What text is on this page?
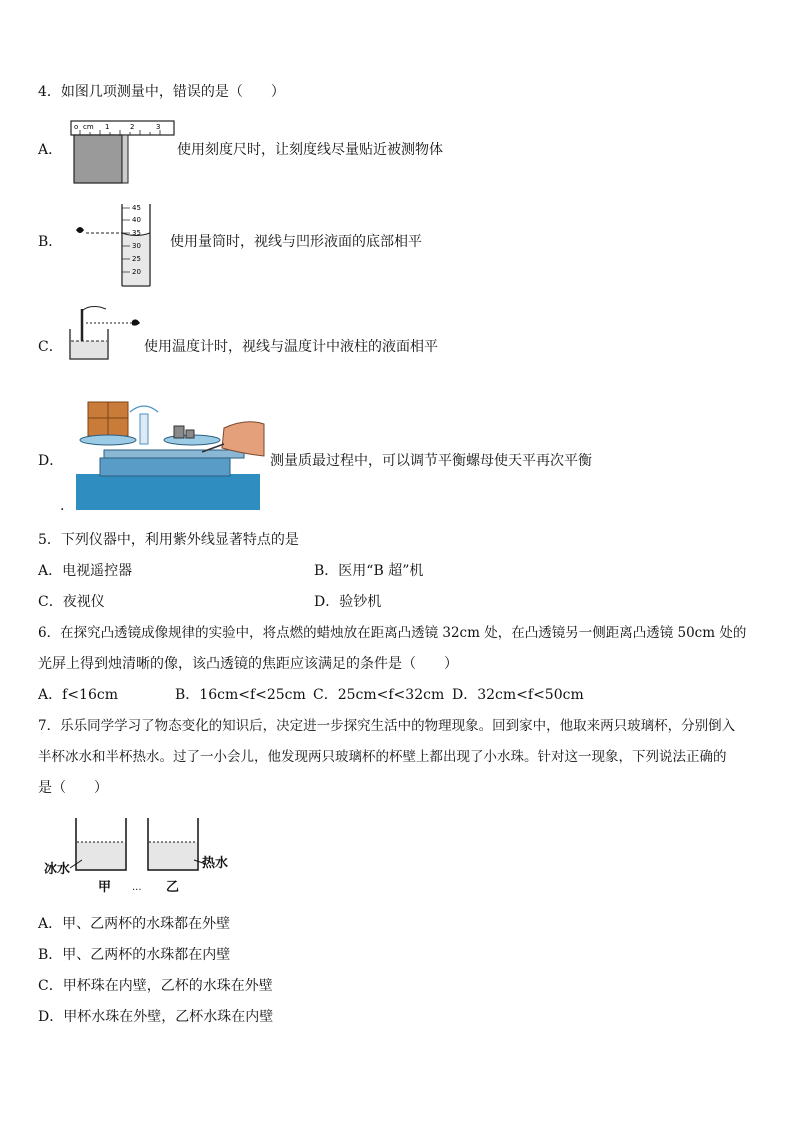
4．如图几项测量中，错误的是（　　）
A．
o cm 1	2	3
使用刻度尺时，让刻度线尽量贴近被测物体
B．
45
40
35
30
25
20
使用量筒时，视线与凹形液面的底部相平
C．	使用温度计时，视线与温度计中液柱的液面相平
D．	测量质最过程中，可以调节平衡螺母使天平再次平衡
.
5．下列仪器中，利用紫外线显著特点的是
A．电视遥控器	B．医用“B 超”机
C．夜视仪	D．验钞机
6．在探究凸透镜成像规律的实验中，将点燃的蜡烛放在距离凸透镜 32cm 处，在凸透镜另一侧距离凸透镜 50cm 处的
光屏上得到烛清晰的像，该凸透镜的焦距应该满足的条件是（　　）
A．f<16cm	B．16cm<f<25cm C．25cm<f<32cm D．32cm<f<50cm
7．乐乐同学学习了物态变化的知识后，决定进一步探究生活中的物理现象。回到家中，他取来两只玻璃杯，分别倒入
半杯冰水和半杯热水。过了一小会儿，他发现两只玻璃杯的杯壁上都出现了小水珠。针对这一现象，下列说法正确的
是（　　）
冰水	热水
甲 ... 乙
A．甲、乙两杯的水珠都在外壁
B．甲、乙两杯的水珠都在内壁
C．甲杯珠在内壁，乙杯的水珠在外壁
D．甲杯水珠在外壁，乙杯水珠在内壁
